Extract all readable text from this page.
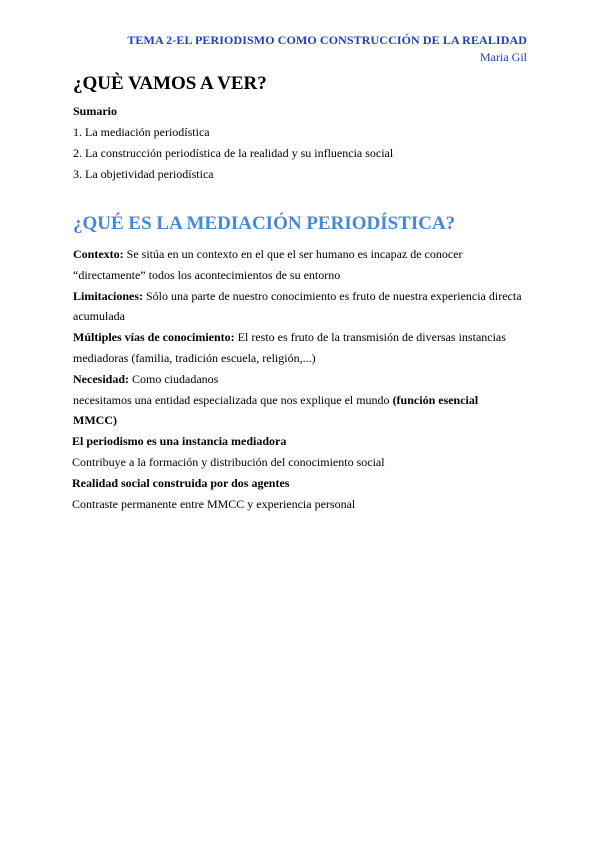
TEMA 2-EL PERIODISMO COMO CONSTRUCCIÓN DE LA REALIDAD
Maria Gil
¿QUÈ VAMOS A VER?
Sumario
1. La mediación periodística
2. La construcción periodística de la realidad y su influencia social
3. La objetividad periodística
¿QUÉ ES LA MEDIACIÓN PERIODÍSTICA?
Contexto: Se sitúa en un contexto en el que el ser humano es incapaz de conocer
“directamente” todos los acontecimientos de su entorno
Limitaciones: Sólo una parte de nuestro conocimiento es fruto de nuestra experiencia directa
acumulada
Múltiples vías de conocimiento: El resto es fruto de la transmisión de diversas instancias
mediadoras (familia, tradición escuela, religión,...)
Necesidad: Como ciudadanos
necesitamos una entidad especializada que nos explique el mundo (función esencial
MMCC)
El periodismo es una instancia mediadora
Contribuye a la formación y distribución del conocimiento social
Realidad social construida por dos agentes
Contraste permanente entre MMCC y experiencia personal
